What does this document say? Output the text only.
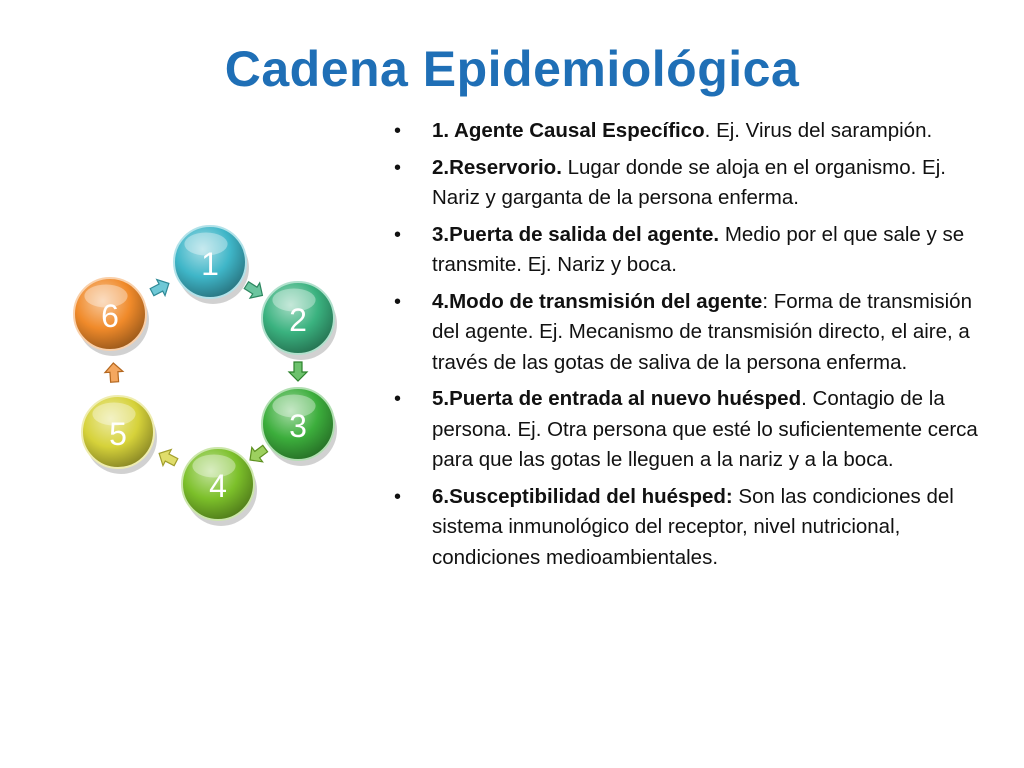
Cadena Epidemiológica
1
2
3
4
5
6
• 1. Agente Causal Específico. Ej. Virus del sarampión.
• 2.Reservorio. Lugar donde se aloja en el organismo. Ej. Nariz y garganta de la persona enferma.
• 3.Puerta de salida del agente. Medio por el que sale y se transmite. Ej. Nariz y boca.
• 4.Modo de transmisión del agente: Forma de transmisión del agente. Ej. Mecanismo de transmisión directo, el aire, a través de las gotas de saliva de la persona enferma.
• 5.Puerta de entrada al nuevo huésped. Contagio de la persona. Ej. Otra persona que esté lo suficientemente cerca para que las gotas le lleguen a la nariz y a la boca.
• 6.Susceptibilidad del huésped: Son las condiciones del sistema inmunológico del receptor, nivel nutricional, condiciones medioambientales.
